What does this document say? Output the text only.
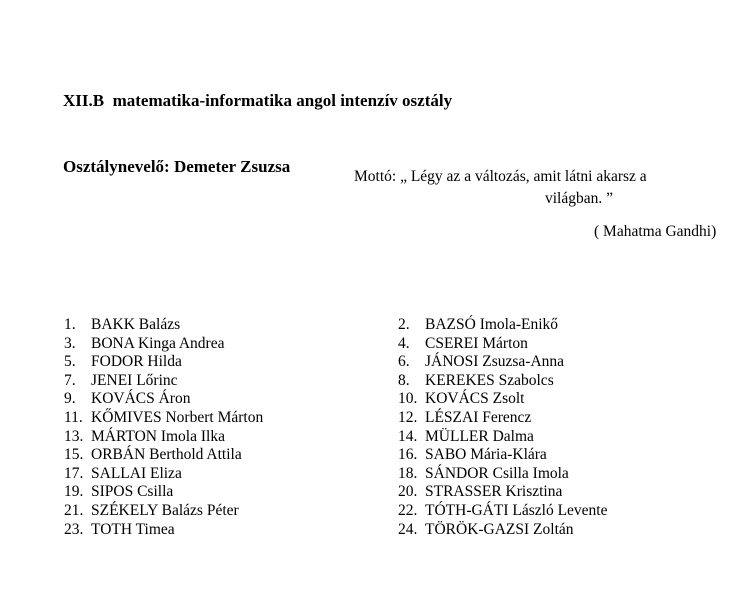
XII.B  matematika-informatika angol intenzív osztály

Osztálynevelő: Demeter Zsuzsa

Mottó: „ Légy az a változás, amit látni akarsz a
világban. ”
( Mahatma Gandhi)
1. BAKK Balázs
3. BONA Kinga Andrea
5. FODOR Hilda
7. JENEI Lőrinc
9. KOVÁCS Áron
11. KŐMIVES Norbert Márton
13. MÁRTON Imola Ilka
15. ORBÁN Berthold Attila
17. SALLAI Eliza
19. SIPOS Csilla
21. SZÉKELY Balázs Péter
23. TOTH Timea
2. BAZSÓ Imola-Enikő
4. CSEREI Márton
6. JÁNOSI Zsuzsa-Anna
8. KEREKES Szabolcs
10. KOVÁCS Zsolt
12. LÉSZAI Ferencz
14. MÜLLER Dalma
16. SABO Mária-Klára
18. SÁNDOR Csilla Imola
20. STRASSER Krisztina
22. TÓTH-GÁTI László Levente
24. TÖRÖK-GAZSI Zoltán
